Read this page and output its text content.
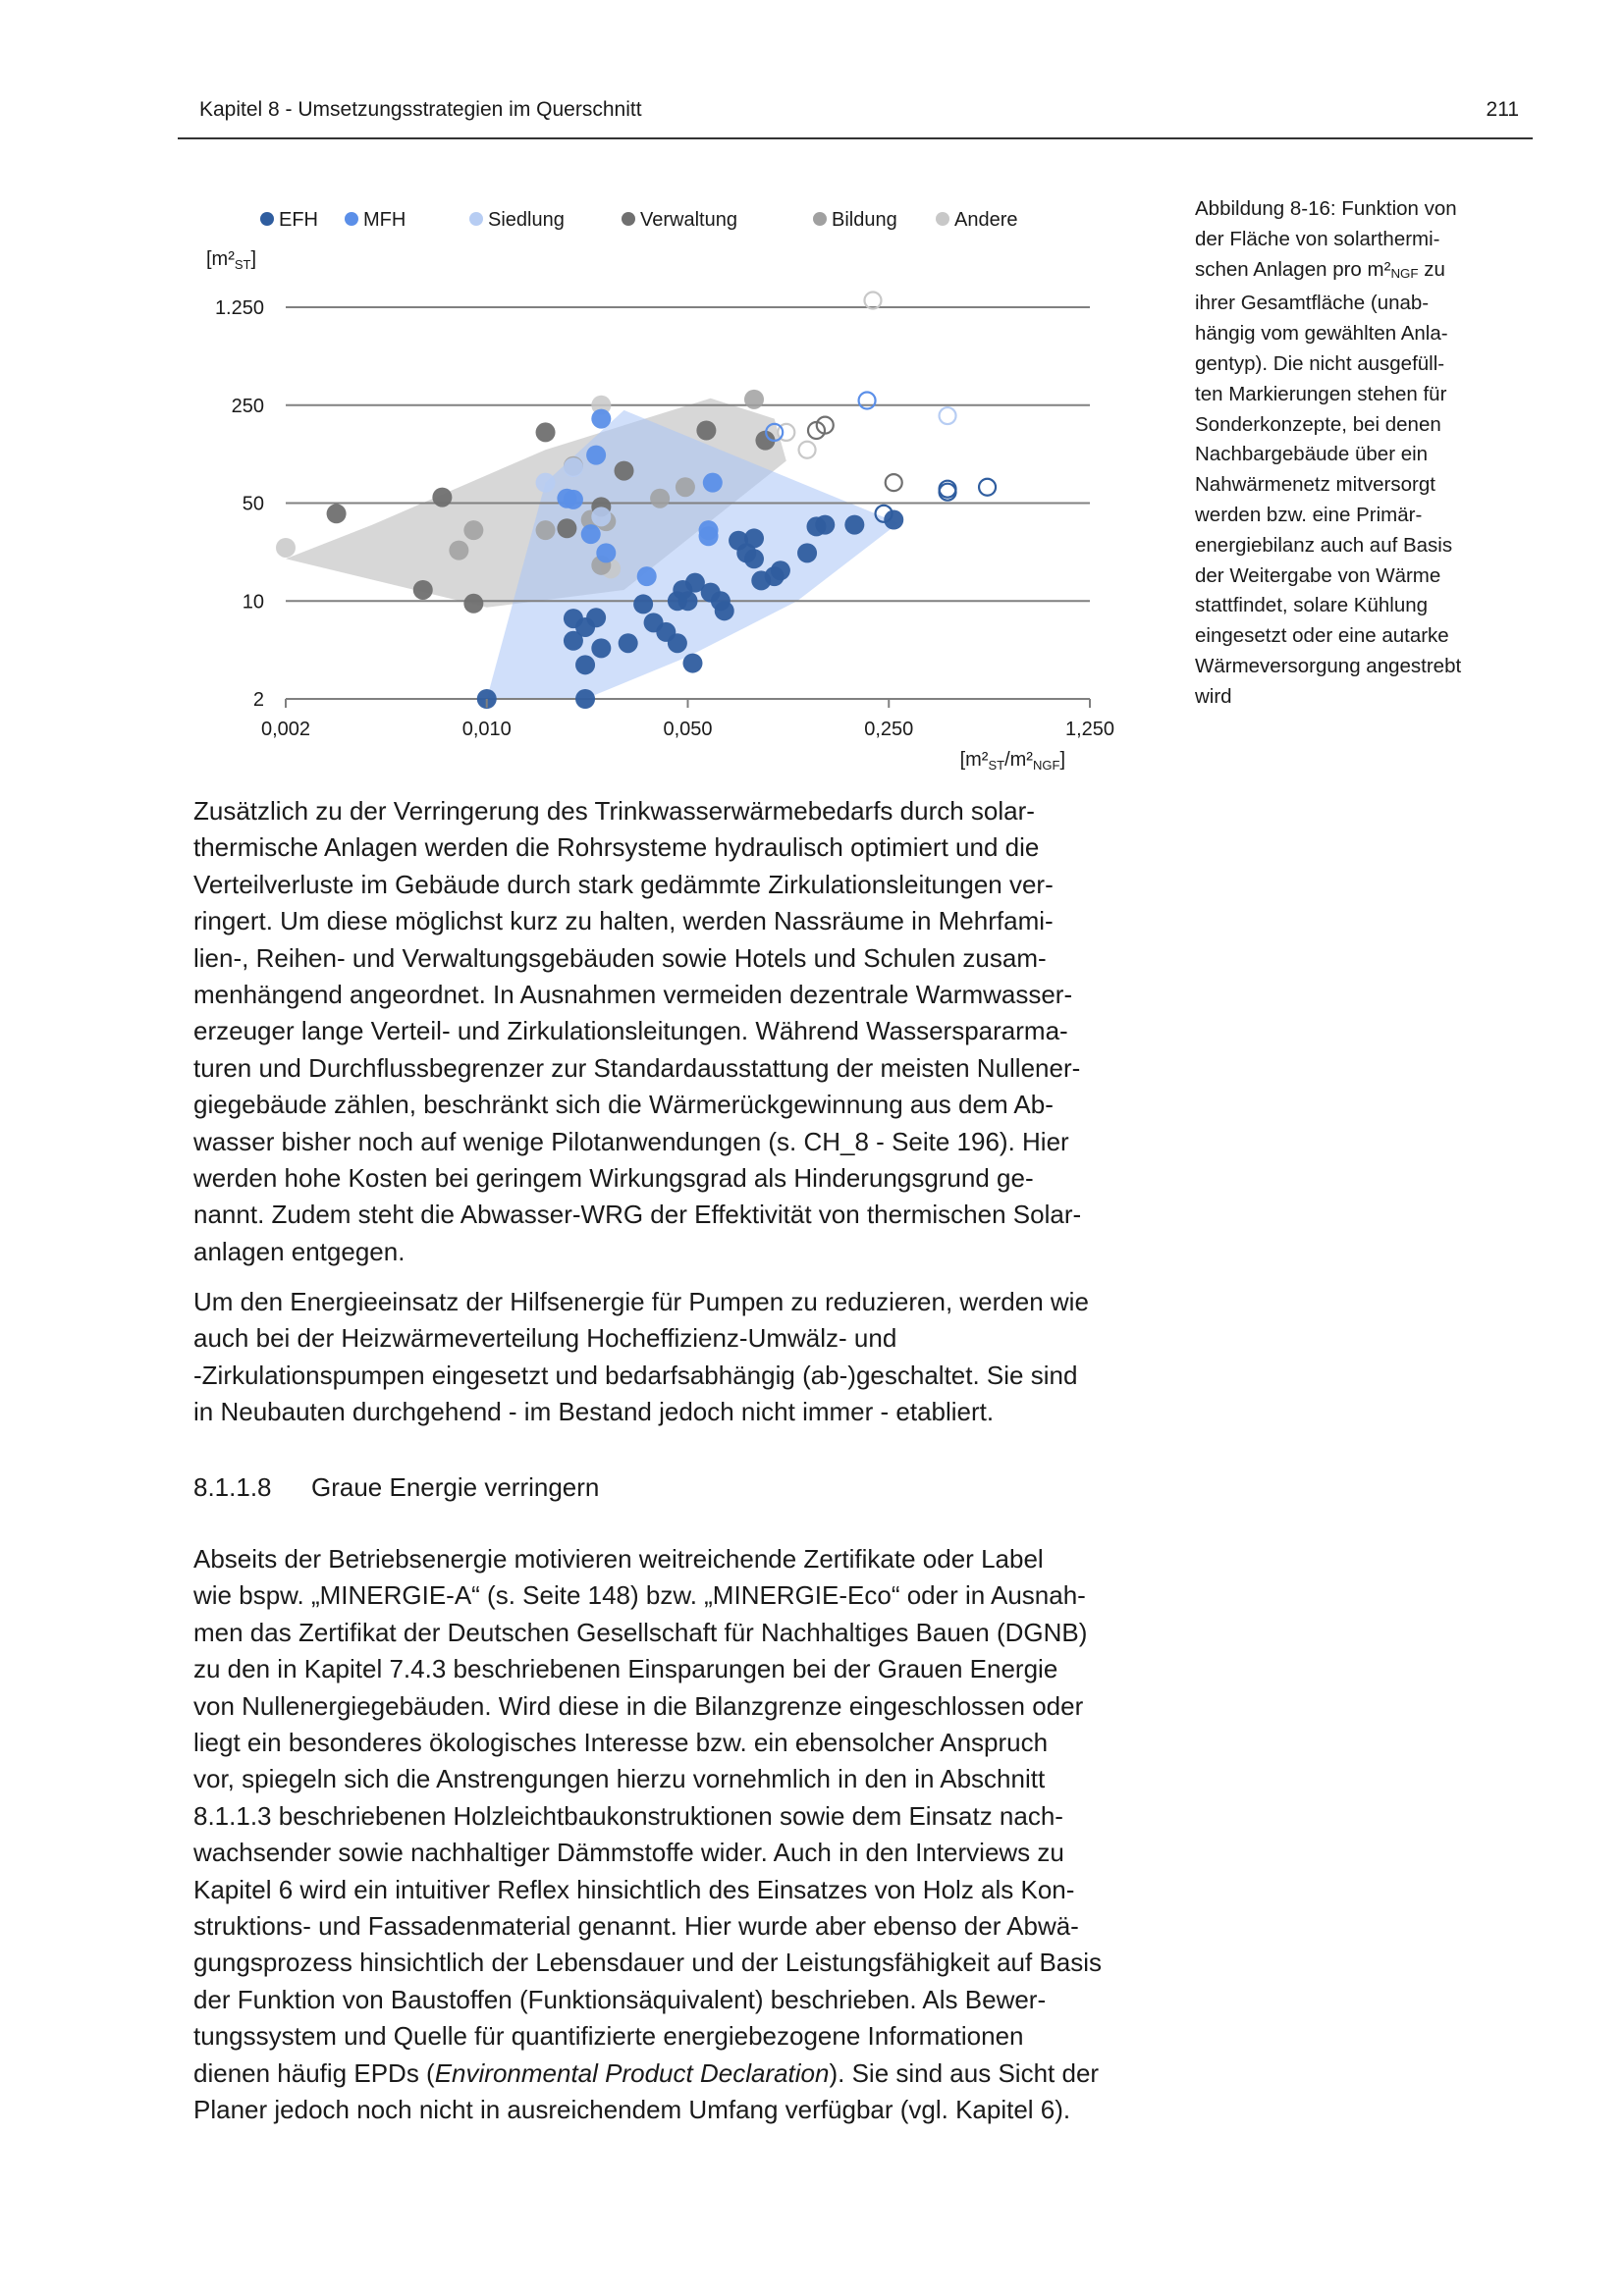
Kapitel 8 - Umsetzungsstrategien im Querschnitt	211
EFH MFH	Siedlung	Verwaltung	Bildung	Andere
$[m^2_{ST}]$
2
10
50
250
1.250
0,002	0,010	0,050	0,250	1,250
$[m^2_{ST}/m^2_{NGF}]$
Abbildung 8-16: Funktion von
der Fläche von solarthermi-
schen Anlagen pro $m^2_{NGF}$ zu
ihrer Gesamtfläche (unab-
hängig vom gewählten Anla-
gentyp). Die nicht ausgefüll-
ten Markierungen stehen für
Sonderkonzepte, bei denen
Nachbargebäude über ein
Nahwärmenetz mitversorgt
werden bzw. eine Primär-
energiebilanz auch auf Basis
der Weitergabe von Wärme
stattfindet, solare Kühlung
eingesetzt oder eine autarke
Wärmeversorgung angestrebt
wird
Zusätzlich zu der Verringerung des Trinkwasserwärmebedarfs durch solar-
thermische Anlagen werden die Rohrsysteme hydraulisch optimiert und die
Verteilverluste im Gebäude durch stark gedämmte Zirkulationsleitungen ver-
ringert. Um diese möglichst kurz zu halten, werden Nassräume in Mehrfami-
lien-, Reihen- und Verwaltungsgebäuden sowie Hotels und Schulen zusam-
menhängend angeordnet. In Ausnahmen vermeiden dezentrale Warmwasser-
erzeuger lange Verteil- und Zirkulationsleitungen. Während Wasserspararma-
turen und Durchflussbegrenzer zur Standardausstattung der meisten Nullener-
giegebäude zählen, beschränkt sich die Wärmerückgewinnung aus dem Ab-
wasser bisher noch auf wenige Pilotanwendungen (s. CH_8 - Seite 196). Hier
werden hohe Kosten bei geringem Wirkungsgrad als Hinderungsgrund ge-
nannt. Zudem steht die Abwasser-WRG der Effektivität von thermischen Solar-
anlagen entgegen.
Um den Energieeinsatz der Hilfsenergie für Pumpen zu reduzieren, werden wie
auch bei der Heizwärmeverteilung Hocheffizienz-Umwälz- und
-Zirkulationspumpen eingesetzt und bedarfsabhängig (ab-)geschaltet. Sie sind
in Neubauten durchgehend - im Bestand jedoch nicht immer - etabliert.
8.1.1.8 Graue Energie verringern
Abseits der Betriebsenergie motivieren weitreichende Zertifikate oder Label
wie bspw. „MINERGIE-A“ (s. Seite 148) bzw. „MINERGIE-Eco“ oder in Ausnah-
men das Zertifikat der Deutschen Gesellschaft für Nachhaltiges Bauen (DGNB)
zu den in Kapitel 7.4.3 beschriebenen Einsparungen bei der Grauen Energie
von Nullenergiegebäuden. Wird diese in die Bilanzgrenze eingeschlossen oder
liegt ein besonderes ökologisches Interesse bzw. ein ebensolcher Anspruch
vor, spiegeln sich die Anstrengungen hierzu vornehmlich in den in Abschnitt
8.1.1.3 beschriebenen Holzleichtbaukonstruktionen sowie dem Einsatz nach-
wachsender sowie nachhaltiger Dämmstoffe wider. Auch in den Interviews zu
Kapitel 6 wird ein intuitiver Reflex hinsichtlich des Einsatzes von Holz als Kon-
struktions- und Fassadenmaterial genannt. Hier wurde aber ebenso der Abwä-
gungsprozess hinsichtlich der Lebensdauer und der Leistungsfähigkeit auf Basis
der Funktion von Baustoffen (Funktionsäquivalent) beschrieben. Als Bewer-
tungssystem und Quelle für quantifizierte energiebezogene Informationen
dienen häufig EPDs (Environmental Product Declaration). Sie sind aus Sicht der
Planer jedoch noch nicht in ausreichendem Umfang verfügbar (vgl. Kapitel 6).
